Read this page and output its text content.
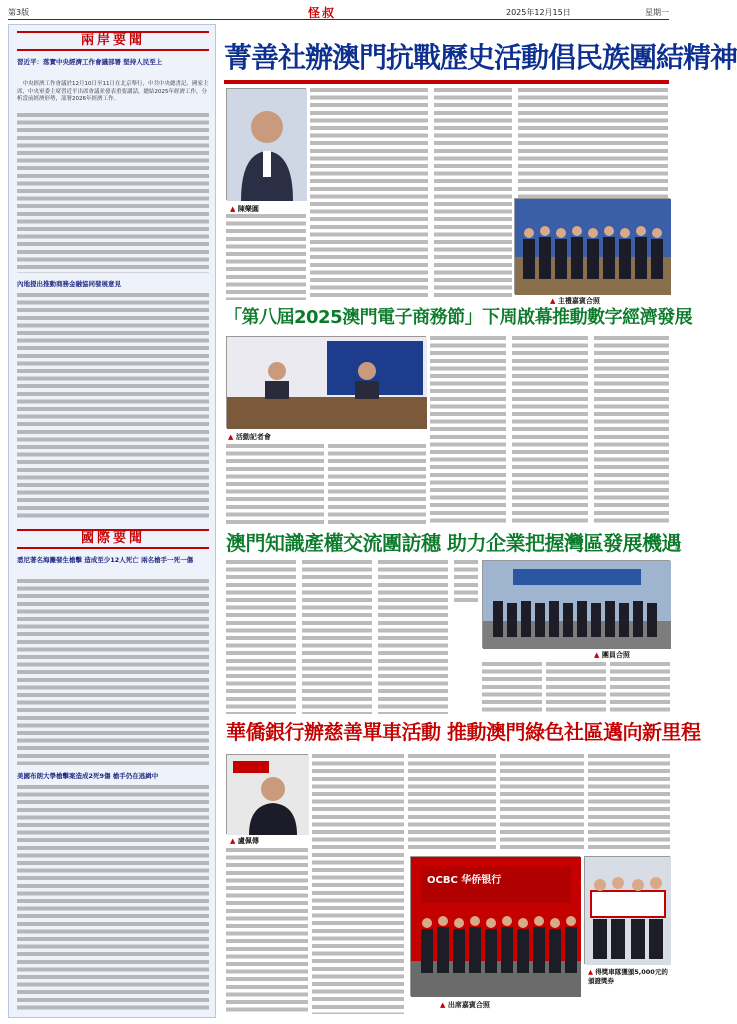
第3版	怪叔	2025年12月15日	星期一
兩岸要聞
習近平：落實中央經濟工作會議部署 堅持人民至上
中央經濟工作會議於12月10日至11日在北京舉行，中共中央總書記、國家主席、中央軍委主席習近平出席會議並發表重要講話，總結2025年經濟工作，分析當前經濟形勢，部署2026年經濟工作。
內地提出推動商務金融協同發展意見
國際要聞
悉尼著名海灘發生槍擊 造成至少12人死亡 兩名槍手一死一傷
美國布朗大學槍擊案造成2死9傷 槍手仍在逃緝中
菁善社辦澳門抗戰歷史活動倡民族團結精神
▲ 陳樂圓
▲ 主禮嘉賓合照
「第八屆2025澳門電子商務節」下周啟幕推動數字經濟發展
▲ 活動記者會
澳門知識產權交流團訪穗 助力企業把握灣區發展機遇
▲ 團員合照
華僑銀行辦慈善單車活動 推動澳門綠色社區邁向新里程
▲ 盧佩傳
OCBC 华侨银行
▲ 出席嘉賓合照
▲ 得獎車隊獲頒5,000元的頒證獎券
